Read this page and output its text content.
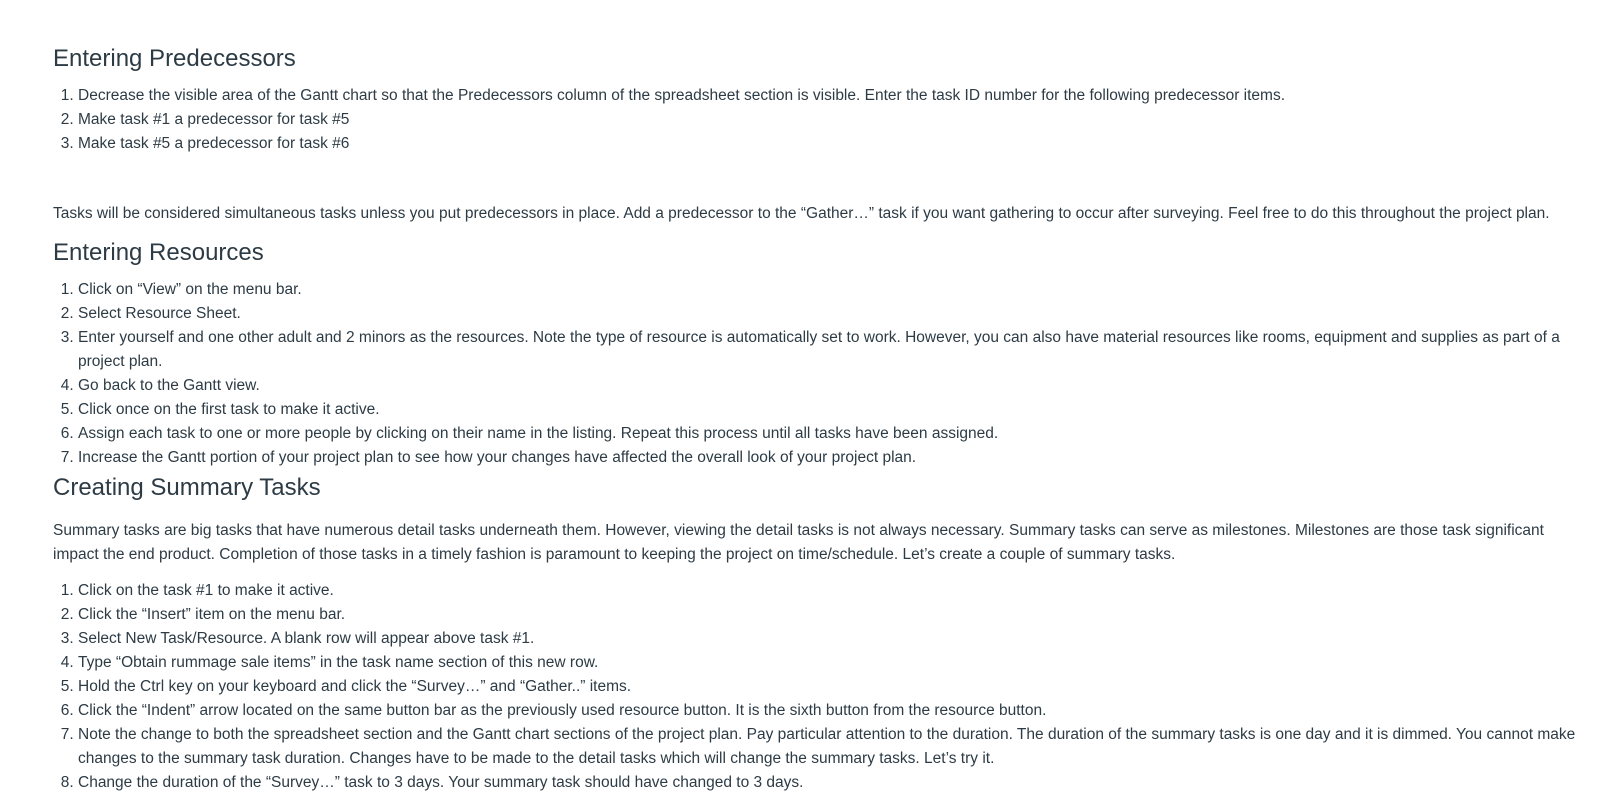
Entering Predecessors
1. Decrease the visible area of the Gantt chart so that the Predecessors column of the spreadsheet section is visible. Enter the task ID number for the following predecessor items.
2. Make task #1 a predecessor for task #5
3. Make task #5 a predecessor for task #6

Tasks will be considered simultaneous tasks unless you put predecessors in place. Add a predecessor to the “Gather…” task if you want gathering to occur after surveying. Feel free to do this throughout the project plan.

Entering Resources
1. Click on “View” on the menu bar.
2. Select Resource Sheet.
3. Enter yourself and one other adult and 2 minors as the resources. Note the type of resource is automatically set to work. However, you can also have material resources like rooms, equipment and supplies as part of a project plan.
4. Go back to the Gantt view.
5. Click once on the first task to make it active.
6. Assign each task to one or more people by clicking on their name in the listing. Repeat this process until all tasks have been assigned.
7. Increase the Gantt portion of your project plan to see how your changes have affected the overall look of your project plan.
Creating Summary Tasks

Summary tasks are big tasks that have numerous detail tasks underneath them. However, viewing the detail tasks is not always necessary. Summary tasks can serve as milestones. Milestones are those task significant impact the end product. Completion of those tasks in a timely fashion is paramount to keeping the project on time/schedule. Let’s create a couple of summary tasks.

1. Click on the task #1 to make it active.
2. Click the “Insert” item on the menu bar.
3. Select New Task/Resource. A blank row will appear above task #1.
4. Type “Obtain rummage sale items” in the task name section of this new row.
5. Hold the Ctrl key on your keyboard and click the “Survey…” and “Gather..” items.
6. Click the “Indent” arrow located on the same button bar as the previously used resource button. It is the sixth button from the resource button.
7. Note the change to both the spreadsheet section and the Gantt chart sections of the project plan. Pay particular attention to the duration. The duration of the summary tasks is one day and it is dimmed. You cannot make changes to the summary task duration. Changes have to be made to the detail tasks which will change the summary tasks. Let’s try it.
8. Change the duration of the “Survey…” task to 3 days. Your summary task should have changed to 3 days.
